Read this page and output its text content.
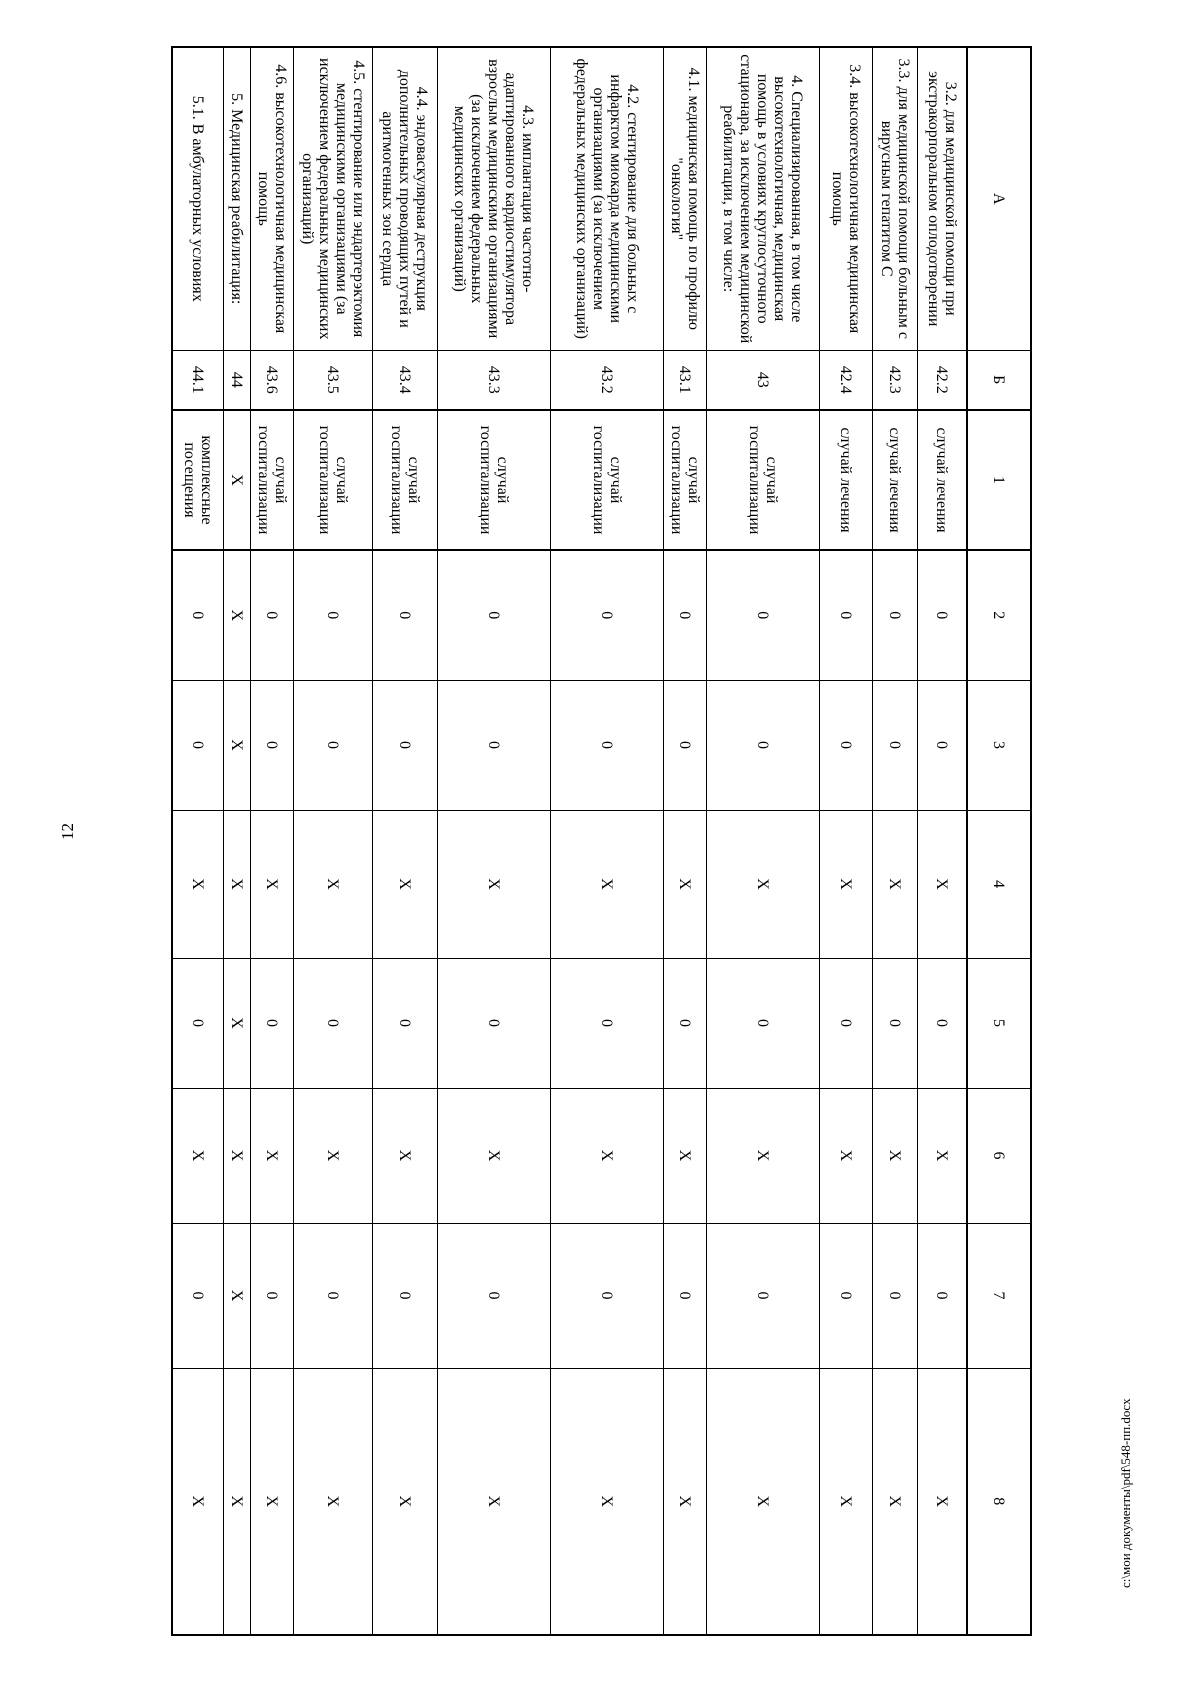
12
А	Б	1	2	3	4	5	6	7	8
3.2. для медицинской помощи при экстракорпоральном оплодотворении	42.2	случай лечения	0	0	Х	0	Х	0	Х
3.3. для медицинской помощи больным с вирусным гепатитом С	42.3	случай лечения	0	0	Х	0	Х	0	Х
3.4. высокотехнологичная медицинская помощь	42.4	случай лечения	0	0	Х	0	Х	0	Х
4. Специализированная, в том числе высокотехнологичная, медицинская помощь в условиях круглосуточного стационара, за исключением медицинской реабилитации, в том числе:	43	случай госпитализации	0	0	Х	0	Х	0	Х
4.1. медицинская помощь по профилю "онкология"	43.1	случай госпитализации	0	0	Х	0	Х	0	Х
4.2. стентирование для больных с инфарктом миокарда медицинскими организациями (за исключением федеральных медицинских организаций)	43.2	случай госпитализации	0	0	Х	0	Х	0	Х
4.3. имплантация частотно-адаптированного кардиостимулятора взрослым медицинскими организациями (за исключением федеральных медицинских организаций)	43.3	случай госпитализации	0	0	Х	0	Х	0	Х
4.4. эндоваскулярная деструкция дополнительных проводящих путей и аритмогенных зон сердца	43.4	случай госпитализации	0	0	Х	0	Х	0	Х
4.5. стентирование или эндартерэктомия медицинскими организациями (за исключением федеральных медицинских организаций)	43.5	случай госпитализации	0	0	Х	0	Х	0	Х
4.6. высокотехнологичная медицинская помощь	43.6	случай госпитализации	0	0	Х	0	Х	0	Х
5. Медицинская реабилитация:	44	Х	Х	Х	Х	Х	Х	Х	Х
5.1. В амбулаторных условиях	44.1	комплексные посещения	0	0	Х	0	Х	0	Х	c:\мои документы\pdf\548-пп.docx
